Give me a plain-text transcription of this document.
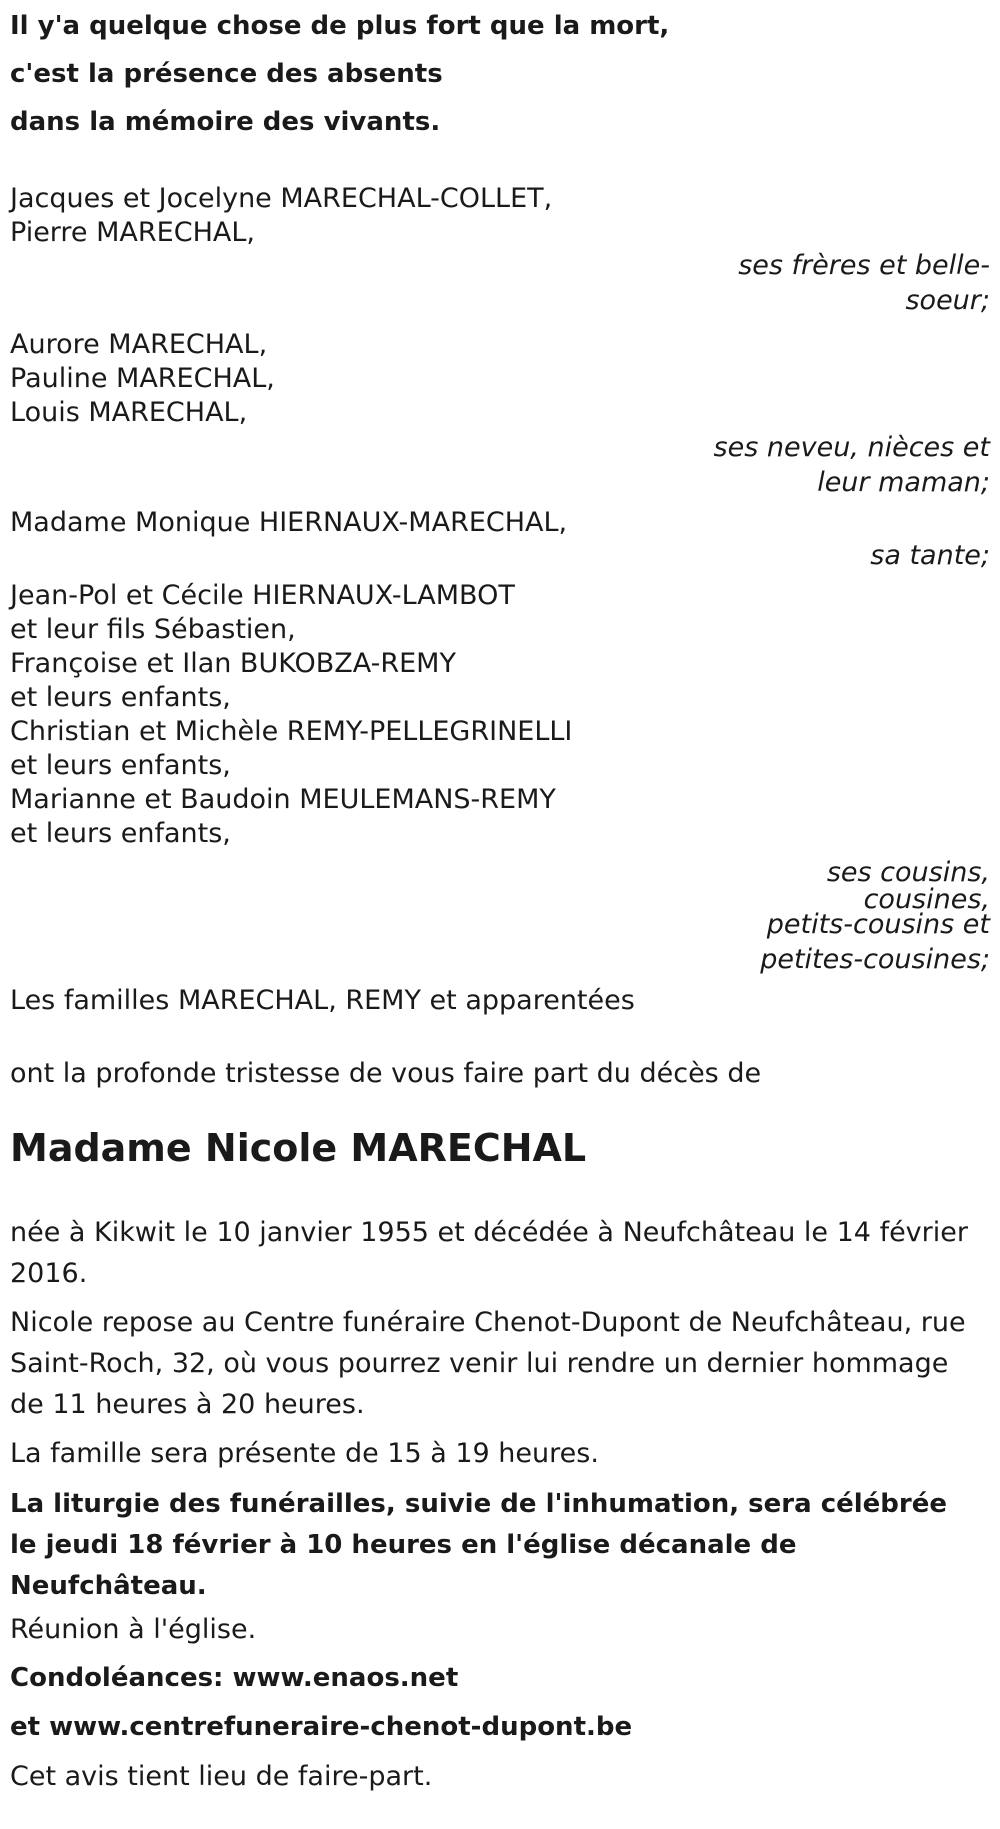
Il y'a quelque chose de plus fort que la mort,
c'est la présence des absents
dans la mémoire des vivants.
Jacques et Jocelyne MARECHAL-COLLET,
Pierre MARECHAL,
ses frères et belle-
soeur;
Aurore MARECHAL,
Pauline MARECHAL,
Louis MARECHAL,
ses neveu, nièces et
leur maman;
Madame Monique HIERNAUX-MARECHAL,
sa tante;
Jean-Pol et Cécile HIERNAUX-LAMBOT
et leur fils Sébastien,
Françoise et Ilan BUKOBZA-REMY
et leurs enfants,
Christian et Michèle REMY-PELLEGRINELLI
et leurs enfants,
Marianne et Baudoin MEULEMANS-REMY
et leurs enfants,
ses cousins,
cousines,
petits-cousins et
petites-cousines;
Les familles MARECHAL, REMY et apparentées
ont la profonde tristesse de vous faire part du décès de
Madame Nicole MARECHAL
née à Kikwit le 10 janvier 1955 et décédée à Neufchâteau le 14 février 2016.
Nicole repose au Centre funéraire Chenot-Dupont de Neufchâteau, rue Saint-Roch, 32, où vous pourrez venir lui rendre un dernier hommage de 11 heures à 20 heures.
La famille sera présente de 15 à 19 heures.
La liturgie des funérailles, suivie de l'inhumation, sera célébrée le jeudi 18 février à 10 heures en l'église décanale de Neufchâteau.
Réunion à l'église.
Condoléances: www.enaos.net
et www.centrefuneraire-chenot-dupont.be
Cet avis tient lieu de faire-part.
